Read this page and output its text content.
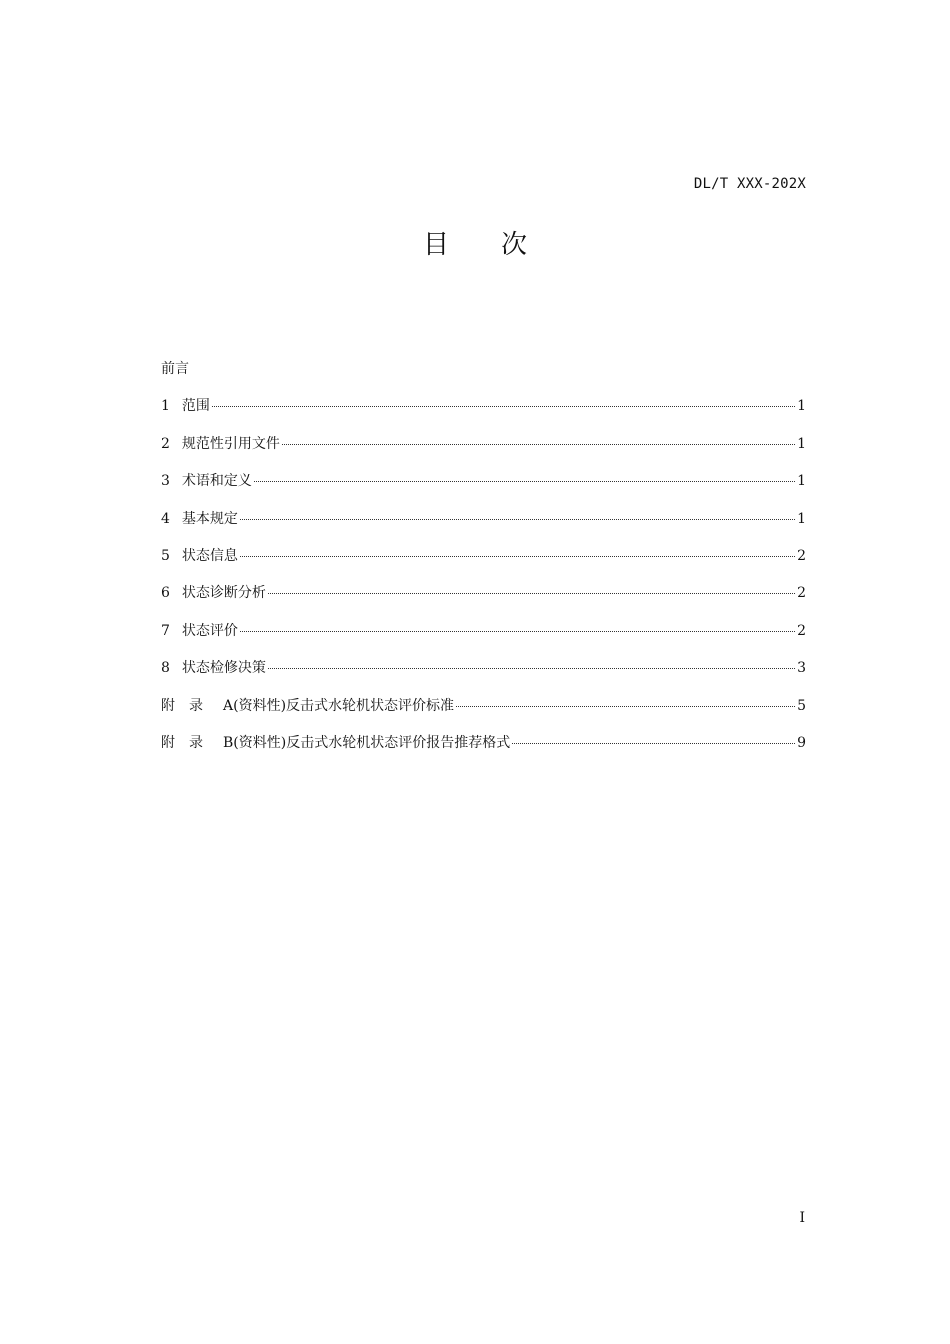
DL/T XXX-202X
目 次
前言
1 范围	1
2 规范性引用文件	1
3 术语和定义	1
4 基本规定	1
5 状态信息	2
6 状态诊断分析	2
7 状态评价	2
8 状态检修决策	3
附录 A(资料性)反击式水轮机状态评价标准	5
附录 B(资料性)反击式水轮机状态评价报告推荐格式	9
I
